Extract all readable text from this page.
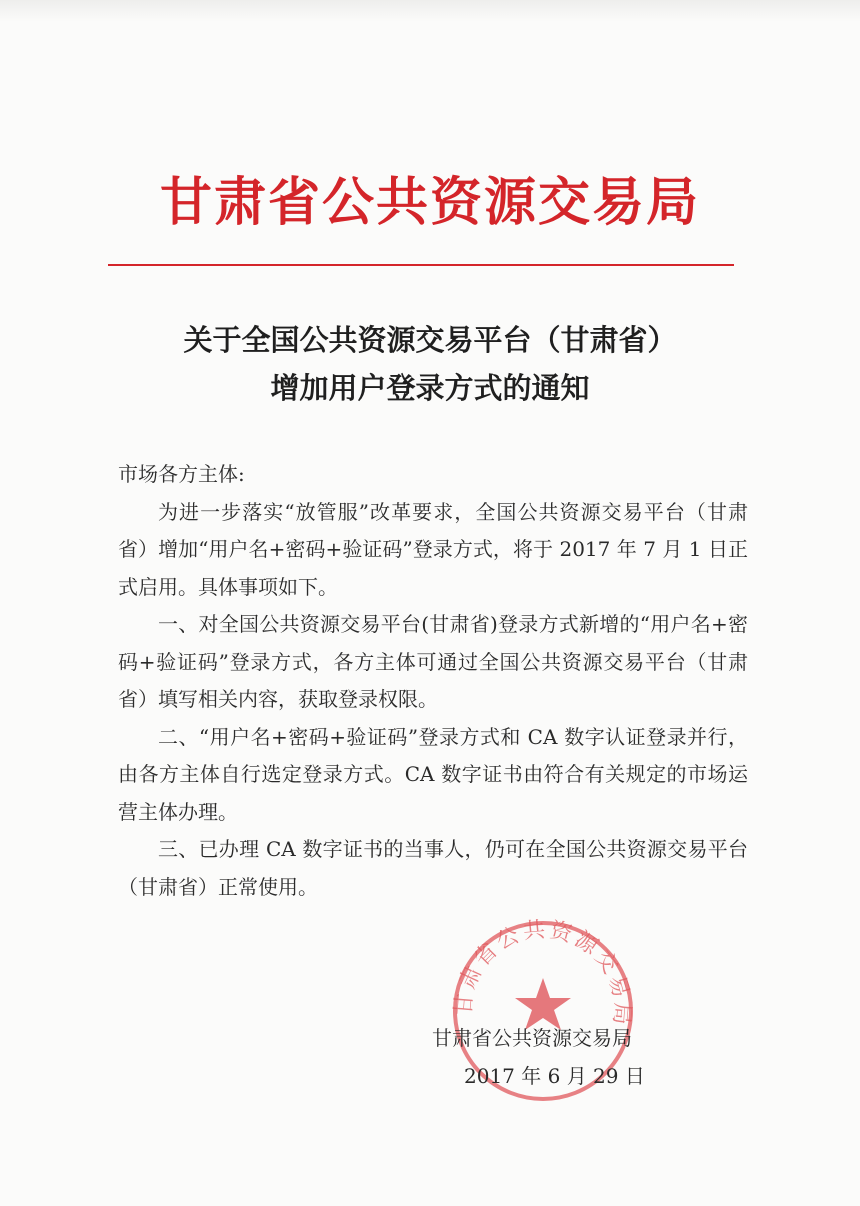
甘肃省公共资源交易局
关于全国公共资源交易平台（甘肃省）
增加用户登录方式的通知

市场各方主体:

为进一步落实“放管服”改革要求，全国公共资源交易平台（甘肃省）增加“用户名+密码+验证码”登录方式，将于 2017 年 7 月 1 日正式启用。具体事项如下。

一、对全国公共资源交易平台(甘肃省)登录方式新增的“用户名+密码+验证码”登录方式，各方主体可通过全国公共资源交易平台（甘肃省）填写相关内容，获取登录权限。

二、“用户名+密码+验证码”登录方式和 CA 数字认证登录并行，由各方主体自行选定登录方式。CA 数字证书由符合有关规定的市场运营主体办理。

三、已办理 CA 数字证书的当事人，仍可在全国公共资源交易平台（甘肃省）正常使用。

甘肃省公共资源交易局
甘肃省公共资源交易局
2017 年 6 月 29 日
